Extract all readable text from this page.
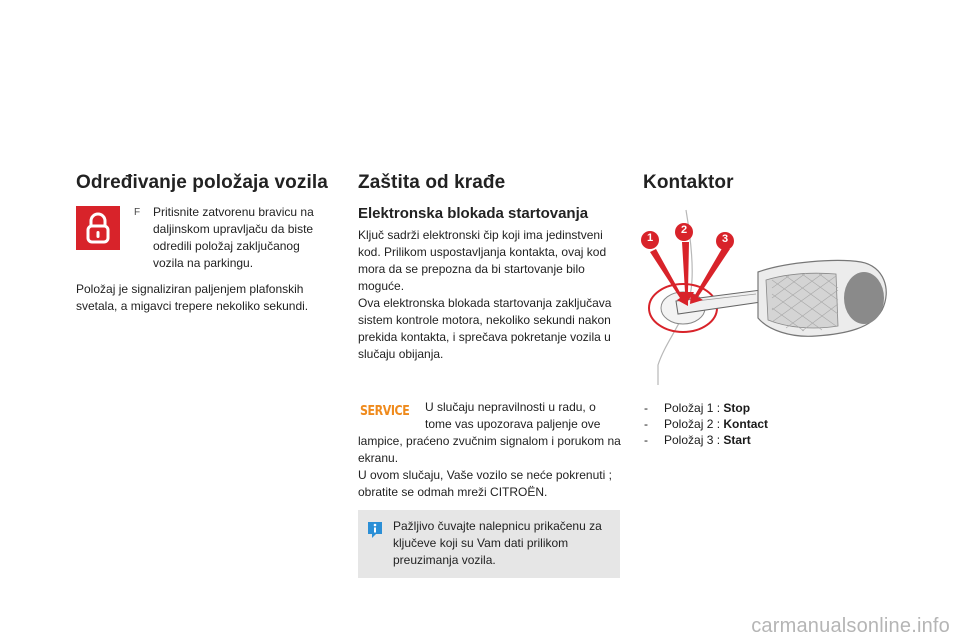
Određivanje položaja vozila
F Pritisnite zatvorenu bravicu na daljinskom upravljaču da biste odredili položaj zaključanog vozila na parkingu.
Položaj je signaliziran paljenjem plafonskih svetala, a migavci trepere nekoliko sekundi.
Zaštita od krađe
Elektronska blokada startovanja

Ključ sadrži elektronski čip koji ima jedinstveni kod. Prilikom uspostavljanja kontakta, ovaj kod mora da se prepozna da bi startovanje bilo moguće.

Ova elektronska blokada startovanja zaključava sistem kontrole motora, nekoliko sekundi nakon prekida kontakta, i sprečava pokretanje vozila u slučaju obijanja.

SERVICE U slučaju nepravilnosti u radu, o tome vas upozorava paljenje ove

lampice, praćeno zvučnim signalom i porukom na ekranu.

U ovom slučaju, Vaše vozilo se neće pokrenuti ; obratite se odmah mreži CITROËN.

Pažljivo čuvajte nalepnicu prikačenu za ključeve koji su Vam dati prilikom preuzimanja vozila.
Kontaktor
1
2
3
-	Položaj 1 :
Stop
-	Položaj 2 :
Kontact
-	Položaj 3 :
Start
carmanualsonline.info
